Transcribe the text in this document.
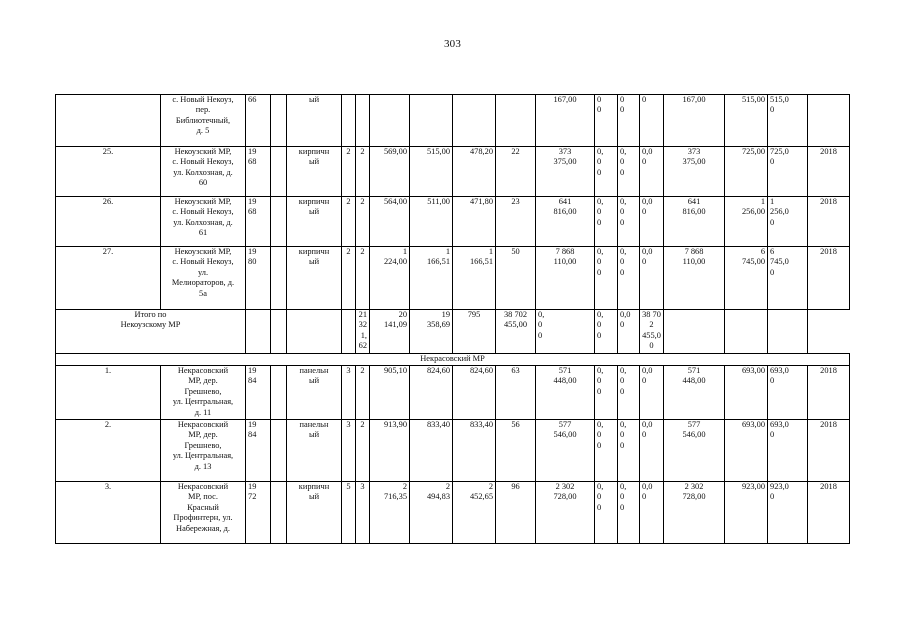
303
	с. Новый Некоуз,
пер.
Библиотечный,
д. 5	66		ый							167,00	0
0	0
0	0	167,00	515,00	515,0
0	
25.	Некоузский МР,
с. Новый Некоуз,
ул. Колхозная, д.
60	19
68		кирпичн
ый	2	2	569,00	515,00	478,20	22	373
375,00	0,
0
0	0,
0
0	0,0
0	373
375,00	725,00	725,0
0	2018
26.	Некоузский МР,
с. Новый Некоуз,
ул. Колхозная, д.
61	19
68		кирпичн
ый	2	2	564,00	511,00	471,80	23	641
816,00	0,
0
0	0,
0
0	0,0
0	641
816,00	1
256,00	1
256,0
0	2018
27.	Некоузский МР,
с. Новый Некоуз,
ул.
Мелиораторов, д.
5а	19
80		кирпичн
ый	2	2	1
224,00	1
166,51	1
166,51	50	7 868
110,00	0,
0
0	0,
0
0	0,0
0	7 868
110,00	6
745,00	6
745,0
0	2018
Итого по
Некоузскому МР						21
321,62	20
141,09	19
358,69	795	38 702
455,00	0,
0
0	0,
0
0	0,0
0	38 702
455,00				
Некрасовский МР																		
1.	Некрасовский
МР, дер.
Грешнево,
ул. Центральная,
д. 11	19
84		панельн
ый	3	2	905,10	824,60	824,60	63	571
448,00	0,
0
0	0,
0
0	0,0
0	571
448,00	693,00	693,0
0	2018
2.	Некрасовский
МР, дер.
Грешнево,
ул. Центральная,
д. 13	19
84		панельн
ый	3	2	913,90	833,40	833,40	56	577
546,00	0,
0
0	0,
0
0	0,0
0	577
546,00	693,00	693,0
0	2018
3.	Некрасовский
МР, пос.
Красный
Профинтерн, ул.
Набережная, д.	19
72		кирпичн
ый	5	3	2
716,35	2
494,83	2
452,65	96	2 302
728,00	0,
0
0	0,
0
0	0,0
0	2 302
728,00	923,00	923,0
0	2018
